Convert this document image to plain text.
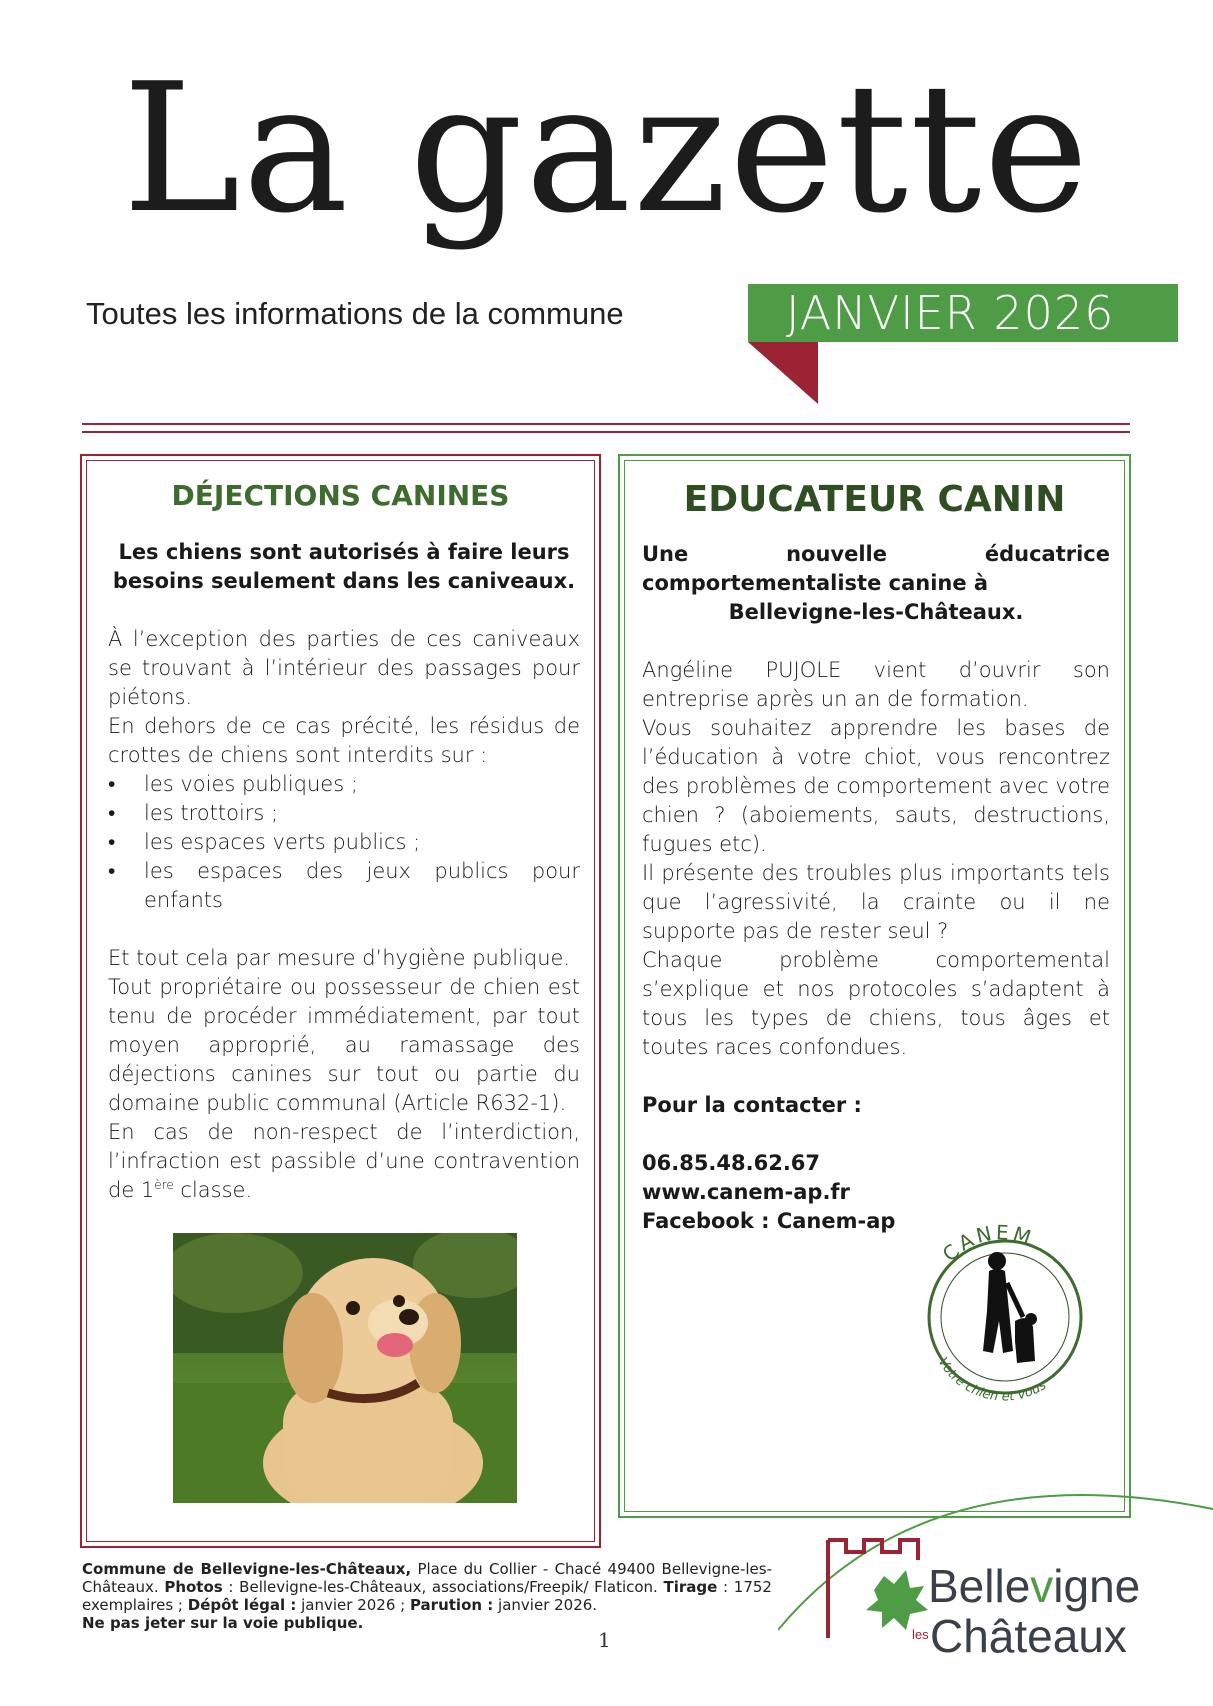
La gazette
Toutes les informations de la commune	JANVIER 2026
DÉJECTIONS CANINES
Les chiens sont autorisés à faire leurs besoins seulement dans les caniveaux.
À l’exception des parties de ces caniveaux se trouvant à l’intérieur des passages pour piétons.
En dehors de ce cas précité, les résidus de crottes de chiens sont interdits sur :
• les voies publiques ;
• les trottoirs ;
• les espaces verts publics ;
• les espaces des jeux publics pour enfants
Et tout cela par mesure d’hygiène publique.
Tout propriétaire ou possesseur de chien est tenu de procéder immédiatement, par tout moyen approprié, au ramassage des déjections canines sur tout ou partie du domaine public communal (Article R632-1).
En cas de non-respect de l’interdiction, l’infraction est passible d’une contravention de 1ère classe.
EDUCATEUR CANIN
Une nouvelle éducatrice comportementaliste canine à
Bellevigne-les-Châteaux.
Angéline PUJOLE vient d’ouvrir son entreprise après un an de formation.
Vous souhaitez apprendre les bases de l’éducation à votre chiot, vous rencontrez des problèmes de comportement avec votre chien ? (aboiements, sauts, destructions, fugues etc).
Il présente des troubles plus importants tels que l’agressivité, la crainte ou il ne supporte pas de rester seul ?
Chaque problème comportemental s’explique et nos protocoles s’adaptent à tous les types de chiens, tous âges et toutes races confondues.
Pour la contacter :
06.85.48.62.67
www.canem-ap.fr
Facebook : Canem-ap
CANEM
Votre chien et vous
Commune de Bellevigne-les-Châteaux, Place du Collier - Chacé 49400 Bellevigne-les-Châteaux. Photos : Bellevigne-les-Châteaux, associations/Freepik/ Flaticon. Tirage : 1752 exemplaires ; Dépôt légal : janvier 2026 ; Parution : janvier 2026.
Ne pas jeter sur la voie publique.
1
Bellevigne
les Châteaux
